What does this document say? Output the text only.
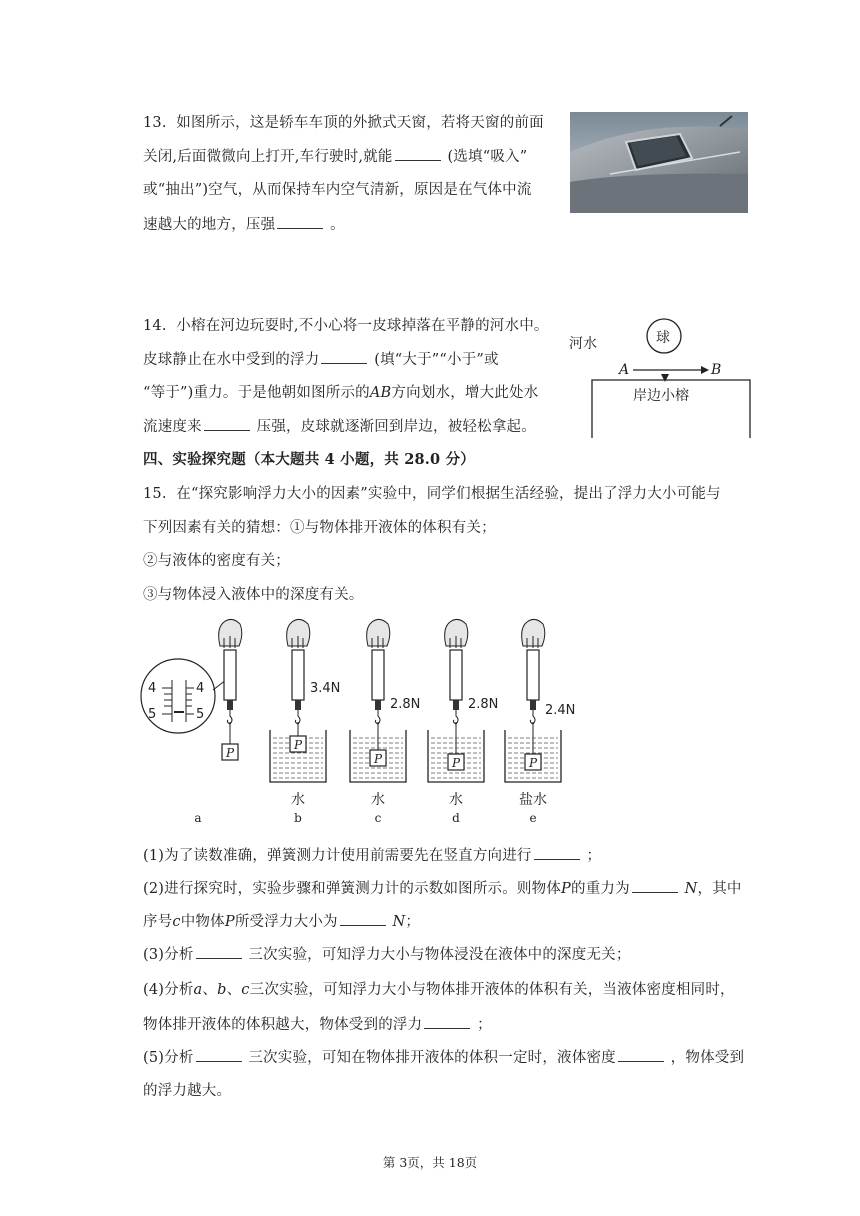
13. 如图所示，这是轿车车顶的外掀式天窗，若将天窗的前面
关闭,后面微微向上打开,车行驶时,就能	(选填“吸入”
或“抽出”)空气，从而保持车内空气清新，原因是在气体中流
速越大的地方，压强	。
14. 小榕在河边玩耍时,不小心将一皮球掉落在平静的河水中。
皮球静止在水中受到的浮力	(填“大于”“小于”或
“等于”)重力。于是他朝如图所示的AB方向划水，增大此处水
流速度来	压强，皮球就逐渐回到岸边，被轻松拿起。
河水	球
A	B
岸边小榕
四、实验探究题（本大题共 4 小题，共 28.0 分）
15. 在“探究影响浮力大小的因素”实验中，同学们根据生活经验，提出了浮力大小可能与
下列因素有关的猜想：①与物体排开液体的体积有关；
②与液体的密度有关；
③与物体浸入液体中的深度有关。
4
5
4
5
P
a
水
3.4N
P
b
水
2.8N
P
c
水
2.8N
P
d
盐水
2.4N
P
e
(1)为了读数准确，弹簧测力计使用前需要先在竖直方向进行	；
(2)进行探究时，实验步骤和弹簧测力计的示数如图所示。则物体P的重力为	N，其中
序号c中物体P所受浮力大小为	N；
(3)分析	三次实验，可知浮力大小与物体浸没在液体中的深度无关；
(4)分析a、b、c三次实验，可知浮力大小与物体排开液体的体积有关，当液体密度相同时，
物体排开液体的体积越大，物体受到的浮力	；
(5)分析	三次实验，可知在物体排开液体的体积一定时，液体密度	，物体受到
的浮力越大。
第 3页，共 18页
